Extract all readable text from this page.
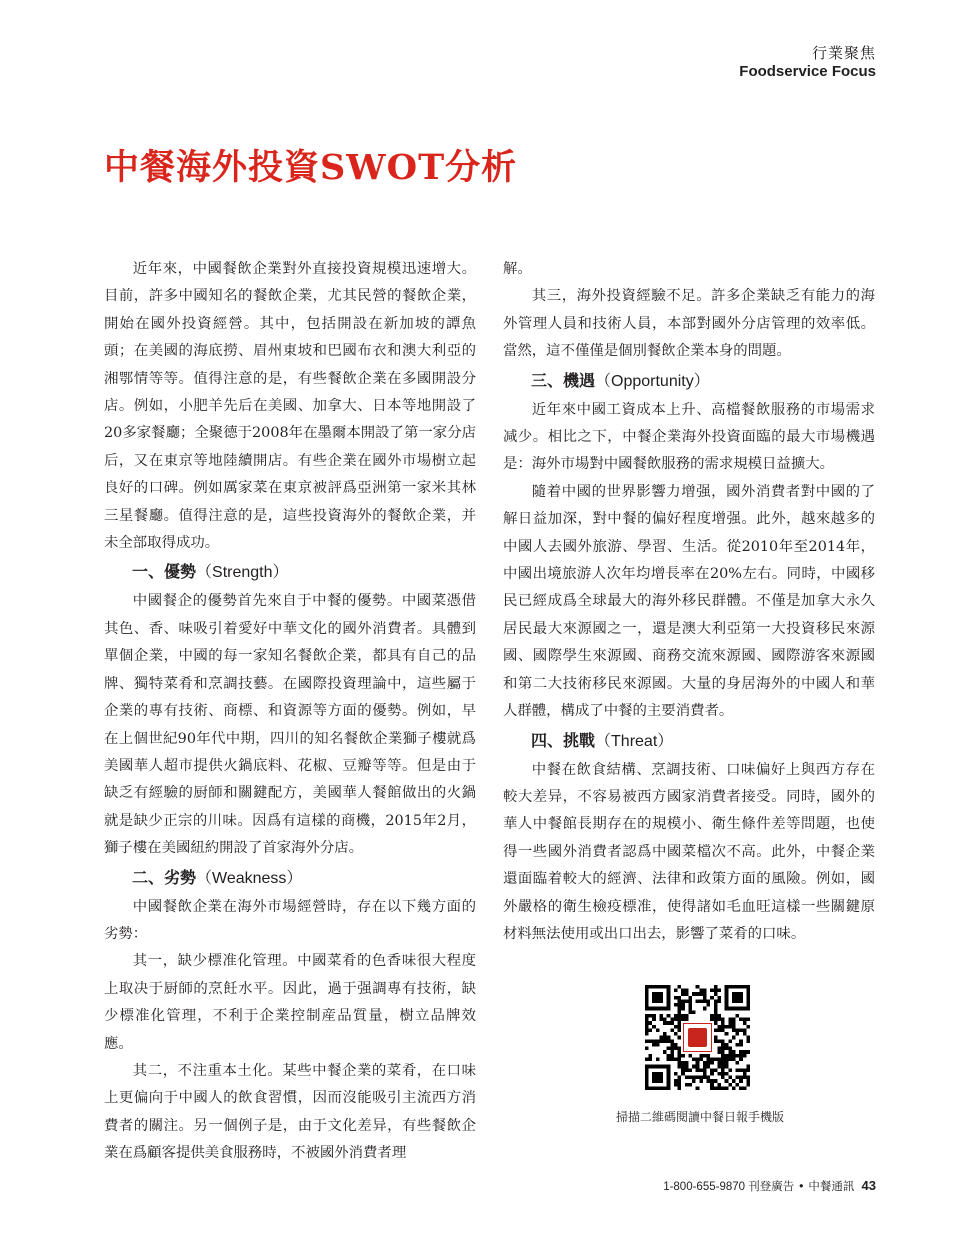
行業聚焦
Foodservice Focus
中餐海外投資SWOT分析

近年來，中國餐飲企業對外直接投資規模迅速增大。目前，許多中國知名的餐飲企業，尤其民營的餐飲企業，開始在國外投資經營。其中，包括開設在新加坡的譚魚頭；在美國的海底撈、眉州東坡和巴國布衣和澳大利亞的湘鄂情等等。值得注意的是，有些餐飲企業在多國開設分店。例如，小肥羊先后在美國、加拿大、日本等地開設了20多家餐廳；全聚德于2008年在墨爾本開設了第一家分店后，又在東京等地陸續開店。有些企業在國外市場樹立起良好的口碑。例如厲家菜在東京被評爲亞洲第一家米其林三星餐廳。值得注意的是，這些投資海外的餐飲企業，并未全部取得成功。

一、優勢（Strength）

中國餐企的優勢首先來自于中餐的優勢。中國菜憑借其色、香、味吸引着愛好中華文化的國外消費者。具體到單個企業，中國的每一家知名餐飲企業，都具有自己的品牌、獨特菜肴和烹調技藝。在國際投資理論中，這些屬于企業的專有技術、商標、和資源等方面的優勢。例如，早在上個世紀90年代中期，四川的知名餐飲企業獅子樓就爲美國華人超市提供火鍋底料、花椒、豆瓣等等。但是由于缺乏有經驗的厨師和關鍵配方，美國華人餐館做出的火鍋就是缺少正宗的川味。因爲有這樣的商機，2015年2月，獅子樓在美國紐約開設了首家海外分店。

二、劣勢（Weakness）

中國餐飲企業在海外市場經營時，存在以下幾方面的劣勢：

其一，缺少標准化管理。中國菜肴的色香味很大程度上取决于厨師的烹飪水平。因此，過于强調專有技術，缺少標准化管理，不利于企業控制産品質量，樹立品牌效應。

其二，不注重本土化。某些中餐企業的菜肴，在口味上更偏向于中國人的飲食習慣，因而沒能吸引主流西方消費者的關注。另一個例子是，由于文化差异，有些餐飲企業在爲顧客提供美食服務時，不被國外消費者理

解。

其三，海外投資經驗不足。許多企業缺乏有能力的海外管理人員和技術人員，本部對國外分店管理的效率低。當然，這不僅僅是個別餐飲企業本身的問題。

三、機遇（Opportunity）

近年來中國工資成本上升、高檔餐飲服務的市場需求减少。相比之下，中餐企業海外投資面臨的最大市場機遇是：海外市場對中國餐飲服務的需求規模日益擴大。

隨着中國的世界影響力增强，國外消費者對中國的了解日益加深，對中餐的偏好程度增强。此外，越來越多的中國人去國外旅游、學習、生活。從2010年至2014年，中國出境旅游人次年均增長率在20%左右。同時，中國移民已經成爲全球最大的海外移民群體。不僅是加拿大永久居民最大來源國之一，還是澳大利亞第一大投資移民來源國、國際學生來源國、商務交流來源國、國際游客來源國和第二大技術移民來源國。大量的身居海外的中國人和華人群體，構成了中餐的主要消費者。

四、挑戰（Threat）

中餐在飲食結構、烹調技術、口味偏好上與西方存在較大差异，不容易被西方國家消費者接受。同時，國外的華人中餐館長期存在的規模小、衛生條件差等問題，也使得一些國外消費者認爲中國菜檔次不高。此外，中餐企業還面臨着較大的經濟、法律和政策方面的風險。例如，國外嚴格的衛生檢疫標准，使得諸如毛血旺這樣一些關鍵原材料無法使用或出口出去，影響了菜肴的口味。

掃描二維碼閱讀中餐日報手機版
1-800-655-9870 刊登廣告 • 中餐通訊 43
